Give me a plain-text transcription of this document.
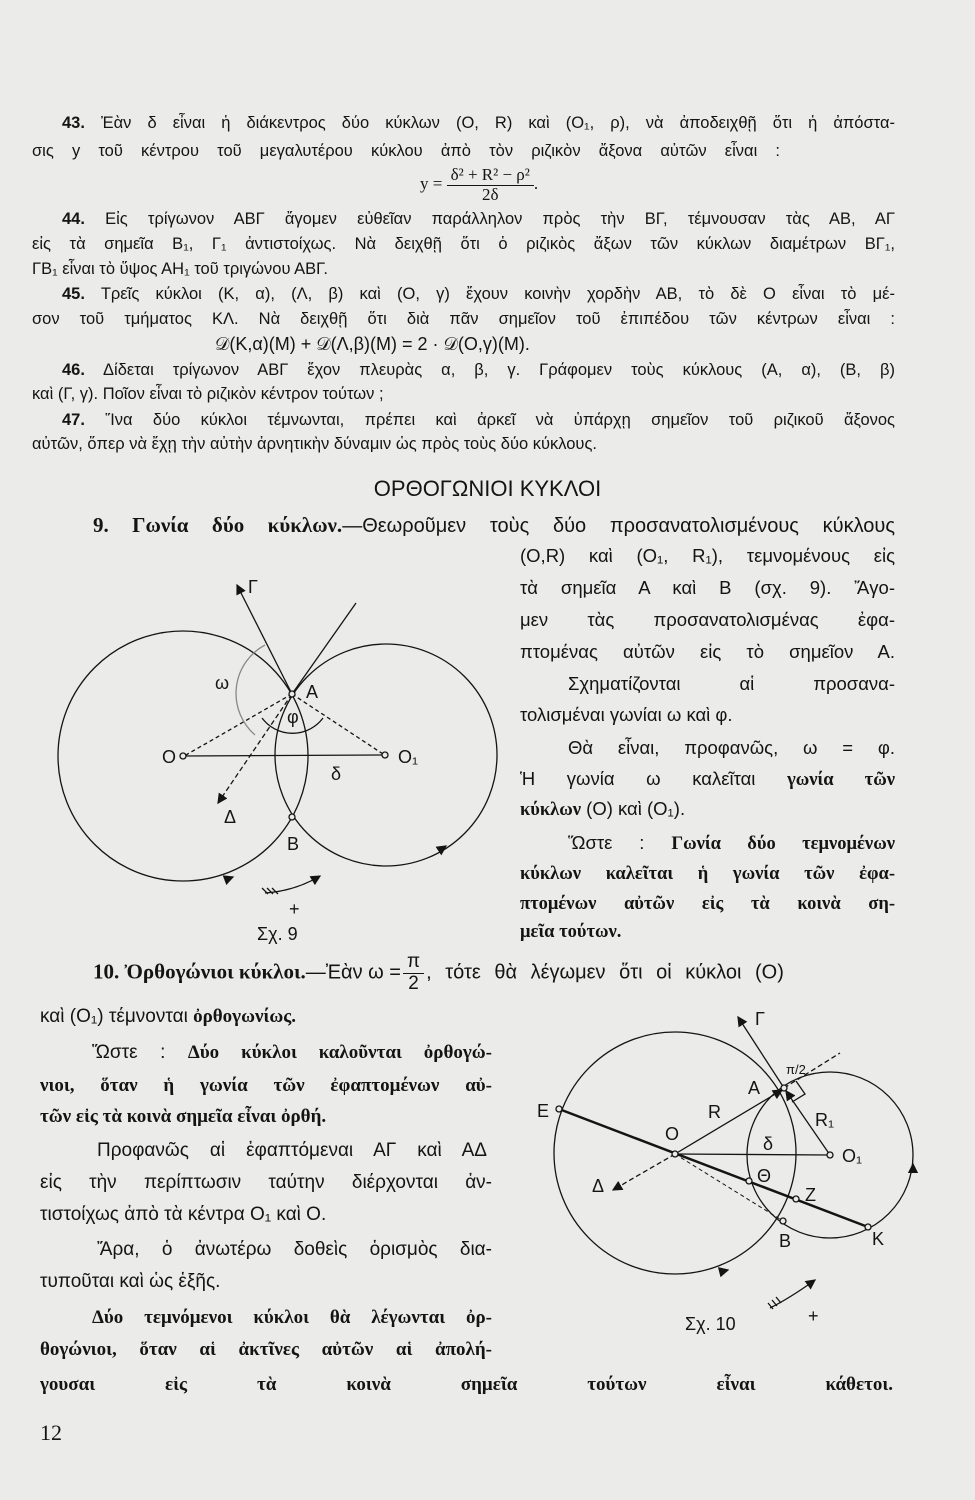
43. Ἐὰν δ εἶναι ἡ διάκεντρος δύο κύκλων (O, R) καὶ (O₁, ρ), νὰ ἀποδειχθῇ ὅτι ἡ ἀπόστα-
σις y τοῦ κέντρου τοῦ μεγαλυτέρου κύκλου ἀπὸ τὸν ριζικὸν ἄξονα αὐτῶν εἶναι :
$y = \frac{\text{δ² + R² − ρ²}}{2\delta}$ .
44. Εἰς τρίγωνον ΑΒΓ ἄγομεν εὐθεῖαν παράλληλον πρὸς τὴν ΒΓ, τέμνουσαν τὰς ΑΒ, ΑΓ
εἰς τὰ σημεῖα Β₁, Γ₁ ἀντιστοίχως. Νὰ δειχθῇ ὅτι ὁ ριζικὸς ἄξων τῶν κύκλων διαμέτρων ΒΓ₁,
ΓΒ₁ εἶναι τὸ ὕψος ΑΗ₁ τοῦ τριγώνου ΑΒΓ.
45. Τρεῖς κύκλοι (Κ, α), (Λ, β) καὶ (Ο, γ) ἔχουν κοινὴν χορδὴν ΑΒ, τὸ δὲ Ο εἶναι τὸ μέ-
σον τοῦ τμήματος ΚΛ. Νὰ δειχθῇ ὅτι διὰ πᾶν σημεῖον τοῦ ἐπιπέδου τῶν κέντρων εἶναι :
𝒟(Κ,α)(Μ) + 𝒟(Λ,β)(Μ) = 2 · 𝒟(Ο,γ)(Μ).
46. Δίδεται τρίγωνον ΑΒΓ ἔχον πλευρὰς α, β, γ. Γράφομεν τοὺς κύκλους (Α, α), (Β, β)
καὶ (Γ, γ). Ποῖον εἶναι τὸ ριζικὸν κέντρον τούτων ;
47. Ἵνα δύο κύκλοι τέμνωνται, πρέπει καὶ ἀρκεῖ νὰ ὑπάρχῃ σημεῖον τοῦ ριζικοῦ ἄξονος
αὐτῶν, ὅπερ νὰ ἔχῃ τὴν αὐτὴν ἀρνητικὴν δύναμιν ὡς πρὸς τοὺς δύο κύκλους.
ΟΡΘΟΓΩΝΙΟΙ ΚΥΚΛΟΙ
9. Γωνία δύο κύκλων.—Θεωροῦμεν τοὺς δύο προσανατολισμένους κύκλους
(Ο,R) καὶ (Ο₁, R₁), τεμνομένους εἰς
τὰ σημεῖα Α καὶ Β (σχ. 9). Ἄγο-
μεν τὰς προσανατολισμένας ἐφα-
πτομένας αὐτῶν εἰς τὸ σημεῖον Α.
Σχηματίζονται αἱ προσανα-
τολισμέναι γωνίαι ω καὶ φ.
Θὰ εἶναι, προφανῶς, ω = φ.
Ἡ γωνία ω καλεῖται γωνία τῶν
κύκλων (Ο) καὶ (Ο₁).
Ὥστε : Γωνία δύο τεμνομένων
κύκλων καλεῖται ἡ γωνία τῶν ἐφα-
πτομένων αὐτῶν εἰς τὰ κοινὰ ση-
μεῖα τούτων.
10. Ὀρθογώνιοι κύκλοι.—Ἐὰν $\omega = \frac{\pi}{2}$ , τότε θὰ λέγωμεν ὅτι οἱ κύκλοι (Ο)
καὶ (Ο₁) τέμνονται ὀρθογωνίως.
Ὥστε : Δύο κύκλοι καλοῦνται ὀρθογώ-
νιοι, ὅταν ἡ γωνία τῶν ἐφαπτομένων αὐ-
τῶν εἰς τὰ κοινὰ σημεῖα εἶναι ὀρθή.
Προφανῶς αἱ ἐφαπτόμεναι ΑΓ καὶ ΑΔ
εἰς τὴν περίπτωσιν ταύτην διέρχονται ἀν-
τιστοίχως ἀπὸ τὰ κέντρα Ο₁ καὶ Ο.
Ἄρα, ὁ ἀνωτέρω δοθεὶς ὁρισμὸς δια-
τυποῦται καὶ ὡς ἑξῆς.
Δύο τεμνόμενοι κύκλοι θὰ λέγωνται ὀρ-
θογώνιοι, ὅταν αἱ ἀκτῖνες αὐτῶν αἱ ἀπολή-
γουσαι εἰς τὰ κοινὰ σημεῖα τούτων εἶναι κάθετοι.
12
Γ
Α
Β
Ο	Ο₁
ω
φ
δ
Δ
+
Σχ. 9
Γ
π/2
Α
Ε
Ο
R	R₁
δ
Ο₁
Θ
Ζ
Β	Κ
Δ
+
Σχ. 10
